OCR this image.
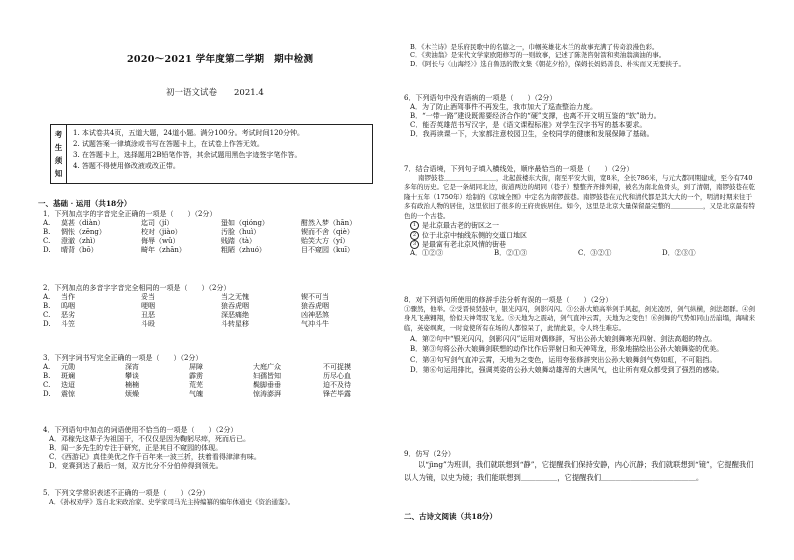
2020～2021 学年度第二学期　期中检测
初一语文试卷　　2021.4
考
生
须
知
1. 本试卷共4页，五道大题，24道小题。满分100分。考试时间120分钟。
2. 试题答案一律填涂或书写在答题卡上，在试卷上作答无效。
3. 在答题卡上，选择题用2B铅笔作答，其余试题用黑色字迹签字笔作答。
4. 答题不得使用修改液或改正带。
一、基础 · 运用（共18分）
1．下列加点字的字音完全正确的一项是（　　）（2分）
A.	莫甚（diàn）	迄司（jí）	蛩如（qióng）	酣然入梦（hān）
B.	惆怅（zēng）	校对（jiào）	汚脸（huì）	锲而不舍（qiè）
C.	澄澈（zhì）	侮辱（wǔ）	贱踏（tà）	贻笑大方（yí）
D.	晴背（bō）	畸年（zhān）	粗陋（zhuó）	目不窥园（kuī）
2．下列加点的多音字字音完全相同的一项是（　　）（2分）
A.	当作	妥当	当之无愧	锲不可当
B.	呜咽	哽咽	狼吞虎咽	狼吞虎咽
C.	恶劣	丑恶	深恶痛绝	凶神恶煞
D.	斗笠	斗殴	斗转星移	气冲斗牛
3．下列字词书写完全正确的一项是（　　）（2分）
A.	元勋	深宵	屏障	大庭广众	不可捉摸
B.	斑斓	攀谈	霹雳	妇孺皆知	历尽心血
C.	迭迢	楠楠	荒芜	鬓脚垂垂	迫不及待
D.	震惊	烦燥	气魄	惊涛澎湃	锋芒毕露
4．下列语句中加点的词语使用不恰当的一项是（　　）（2分）
A．邓稼先这辈子为祖国干，不仅仅是因为鞠躬尽瘁，死而后已。
B．闻一多先生的专注于研究，正是其目不窥园的体现。
C．《西游记》真佳美优之作千百年来一波三折，扶着看得津津有味。
D．竞赛到达了最后一刻，双方比分不分伯仲得到领先。
5．下列文学常识表述不正确的一项是（　　）（2分）
A．《孙权劝学》选自北宋政治家、史学家司马光主持编纂的编年体通史《资治通鉴》。
B．《木兰诗》是乐府民歌中的名篇之一，巾帼英雄花木兰的故事充满了传奇浪漫色彩。
C．《卖油翁》是宋代文学家欧阳修写的一则故事，记述了陈尧咨射箭和卖油翁滴油的事。
D．《阿长与〈山海经〉》选自鲁迅的散文集《朝花夕拾》，保姆长妈妈善良、朴实而又无要挟子。
6．下列语句中没有语病的一项是（　　）（2分）
A．为了防止酒驾事件不再发生，我市加大了巡查整治力度。
B．“一带一路”建设既需要经济合作的“硬”支撑，也离不开文明互鉴的“软”助力。
C．能否英雄范书写汉字，是《语文课程标准》对学生汉字书写的基本要求。
D．我再读课一下，大家都注意校园卫生，全校同学的健康和发展保障了基础。
7．结合语境，下列句子填入横线处，顺序最恰当的一项是（　　）（2分）
南锣鼓巷＿＿＿＿＿＿＿＿，北起鼓楼东大街，南至平安大街，宽8米，全长786米，与元大都同期建成，至今有740多年的历史。它是一条胡同北边，街道两边的胡同（巷子）整整齐齐排列着，被名为南北鱼骨头，到了清朝，南锣鼓巷在乾隆十五年（1750年）绘制的《京城全图》中定名为南锣鼓巷。南锣鼓巷在元代和清代都是其大大的一个，明清时期来往于多有政治人物的居住，这里依旧了很多的王府贵族居住。如今，这里是北京大量保留最完整的＿＿＿＿＿，又是北京最有特色的一个古巷。
1 是北京最古老的街区之一
2 位于北京中轴线东侧的交道口地区
3 是最富有老北京风情的街巷
A．①②③	B．②①③	C．③②①	D．②③①
8．对下列语句所使用的修辞手法分析有误的一项是（　　）（2分）
①骤然，他举。②受晋侯贤鼓中，银光闪闪，剑影闪闪。③公孙大娘高举剑手风起，剑光凌厉，剑气纵横，剑法超群。④剑身凡飞燕翱翔，恰似天神驾驭飞龙。⑤天地为之震动，剑气直冲云霄，天地为之变色！⑥剑舞的气势如同山岳崩塌，海啸来临，英姿飒爽，一时竟使所有在场的人都惊呆了，此情此景，令人终生难忘。
A．第②句中“银光闪闪，剑影闪闪”运用对偶修辞，写出公孙大娘剑舞寒光四射、剑法高超的特点。
B．第③句将公孙大娘舞剑联想的动作比作后羿射日和天神驾龙，形象地描绘出公孙大娘舞姿的优美。
C．第④句写剑气直冲云霄，天地为之变色，运用夸张修辞突出公孙大娘舞剑气势如虹，不可阻挡。
D．第⑥句运用排比，强调英姿的公孙大娘舞动雄浑的大唐风气，也让所有观众都受到了强烈的感染。
9．仿写（2分）
以“jìng”为班训，我们就联想到“静”，它提醒我们保持安静，内心沉静；我们就联想到“镜”，它提醒我们以人为镜，以史为镜；我们能联想到＿＿＿＿＿，它提醒我们＿＿＿＿＿＿＿＿＿＿＿＿＿。
二、古诗文阅读（共18分）
